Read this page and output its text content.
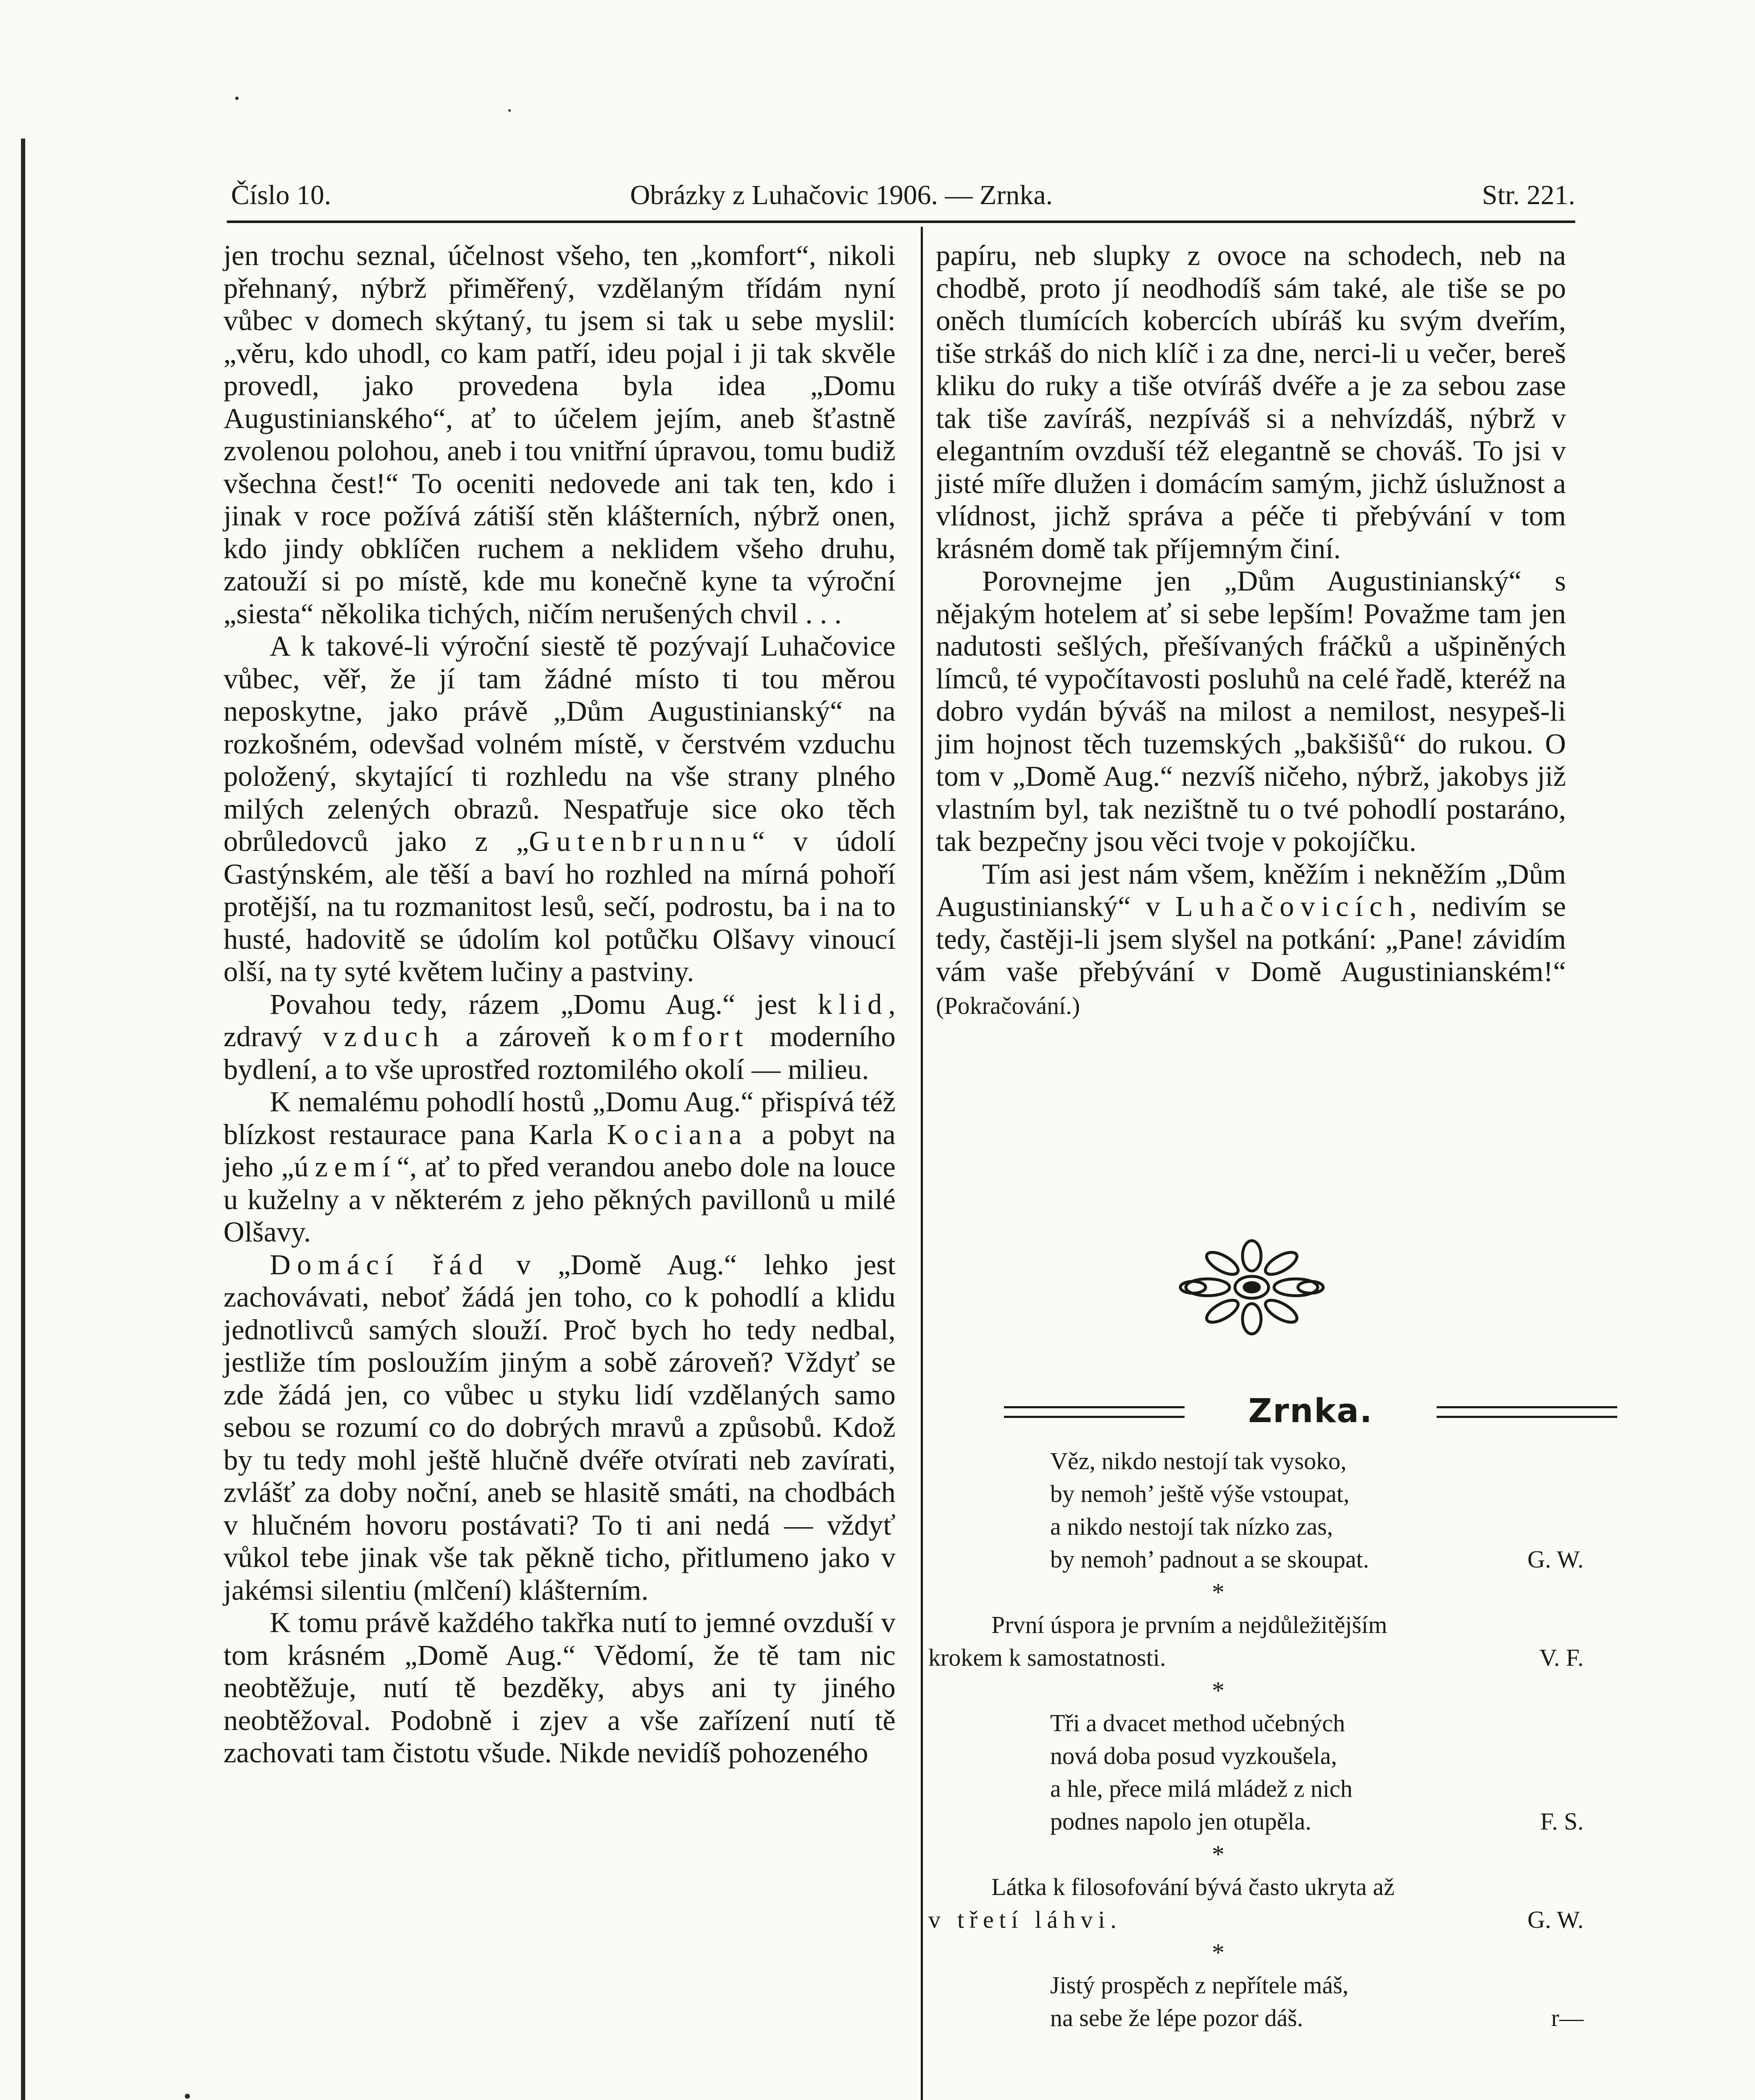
Číslo 10.	Obrázky z Luhačovic 1906. — Zrnka.	Str. 221.

jen trochu seznal, účelnost všeho, ten „komfort“, nikoli přehnaný, nýbrž přiměřený, vzdělaným třídám nyní vůbec v domech skýtaný, tu jsem si tak u sebe myslil: „věru, kdo uhodl, co kam patří, ideu pojal i ji tak skvěle provedl, jako provedena byla idea „Domu Augustinianského“, ať to účelem jejím, aneb šťastně zvolenou polohou, aneb i tou vnitřní úpravou, tomu budiž všechna čest!“ To oceniti nedovede ani tak ten, kdo i jinak v roce požívá zátiší stěn klášterních, nýbrž onen, kdo jindy obklíčen ruchem a neklidem všeho druhu, zatouží si po místě, kde mu konečně kyne ta výroční „siesta“ několika tichých, ničím nerušených chvil . . .

A k takové-li výroční siestě tě pozývají Luhačovice vůbec, věř, že jí tam žádné místo ti tou měrou neposkytne, jako právě „Dům Augustinianský“ na rozkošném, odevšad volném místě, v čerstvém vzduchu položený, skytající ti rozhledu na vše strany plného milých zelených obrazů. Nespatřuje sice oko těch obrůledovců jako z „Gutenbrunnu“ v údolí Gastýnském, ale těší a baví ho rozhled na mírná pohoří protější, na tu rozmanitost lesů, sečí, podrostu, ba i na to husté, hadovitě se údolím kol potůčku Olšavy vinoucí olší, na ty syté květem lučiny a pastviny.

Povahou tedy, rázem „Domu Aug.“ jest klid, zdravý vzduch a zároveň komfort moderního bydlení, a to vše uprostřed roztomilého okolí — milieu.

K nemalému pohodlí hostů „Domu Aug.“ přispívá též blízkost restaurace pana Karla Kociana a pobyt na jeho „území“, ať to před verandou anebo dole na louce u kuželny a v některém z jeho pěkných pavillonů u milé Olšavy.

Domácí řád v „Domě Aug.“ lehko jest zachovávati, neboť žádá jen toho, co k pohodlí a klidu jednotlivců samých slouží. Proč bych ho tedy nedbal, jestliže tím posloužím jiným a sobě zároveň? Vždyť se zde žádá jen, co vůbec u styku lidí vzdělaných samo sebou se rozumí co do dobrých mravů a způsobů. Kdož by tu tedy mohl ještě hlučně dvéře otvírati neb zavírati, zvlášť za doby noční, aneb se hlasitě smáti, na chodbách v hlučném hovoru postávati? To ti ani nedá — vždyť vůkol tebe jinak vše tak pěkně ticho, přitlumeno jako v jakémsi silentiu (mlčení) klášterním.

K tomu právě každého takřka nutí to jemné ovzduší v tom krásném „Domě Aug.“ Vědomí, že tě tam nic neobtěžuje, nutí tě bezděky, abys ani ty jiného neobtěžoval. Podobně i zjev a vše zařízení nutí tě zachovati tam čistotu všude. Nikde nevidíš pohozeného

papíru, neb slupky z ovoce na schodech, neb na chodbě, proto jí neodhodíš sám také, ale tiše se po oněch tlumících kobercích ubíráš ku svým dveřím, tiše strkáš do nich klíč i za dne, nerci-li u večer, bereš kliku do ruky a tiše otvíráš dvéře a je za sebou zase tak tiše zavíráš, nezpíváš si a nehvízdáš, nýbrž v elegantním ovzduší též elegantně se chováš. To jsi v jisté míře dlužen i domácím samým, jichž úslužnost a vlídnost, jichž správa a péče ti přebývání v tom krásném domě tak příjemným činí.

Porovnejme jen „Dům Augustinianský“ s nějakým hotelem ať si sebe lepším! Považme tam jen nadutosti sešlých, přešívaných fráčků a ušpiněných límců, té vypočítavosti posluhů na celé řadě, kteréž na dobro vydán býváš na milost a nemilost, nesypeš-li jim hojnost těch tuzemských „bakšišů“ do rukou. O tom v „Domě Aug.“ nezvíš ničeho, nýbrž, jakobys již vlastním byl, tak nezištně tu o tvé pohodlí postaráno, tak bezpečny jsou věci tvoje v pokojíčku.

Tím asi jest nám všem, kněžím i nekněžím „Dům Augustinianský“ v Luhačovicích, nedivím se tedy, častěji-li jsem slyšel na potkání: „Pane! závidím vám vaše přebývání v Domě Augustinianském!“ (Pokračování.)

Zrnka.
Věz, nikdo nestojí tak vysoko,
by nemoh’ ještě výše vstoupat,
a nikdo nestojí tak nízko zas,
by nemoh’ padnout a se skoupat.	G. W.
*
První úspora je prvním a nejdůležitějším
krokem k samostatnosti.	V. F.
*
Tři a dvacet method učebných
nová doba posud vyzkoušela,
a hle, přece milá mládež z nich
podnes napolo jen otupěla.	F. S.
*
Látka k filosofování bývá často ukryta až
v třetí láhvi.	G. W.
*
Jistý prospěch z nepřítele máš,
na sebe že lépe pozor dáš.	r—
